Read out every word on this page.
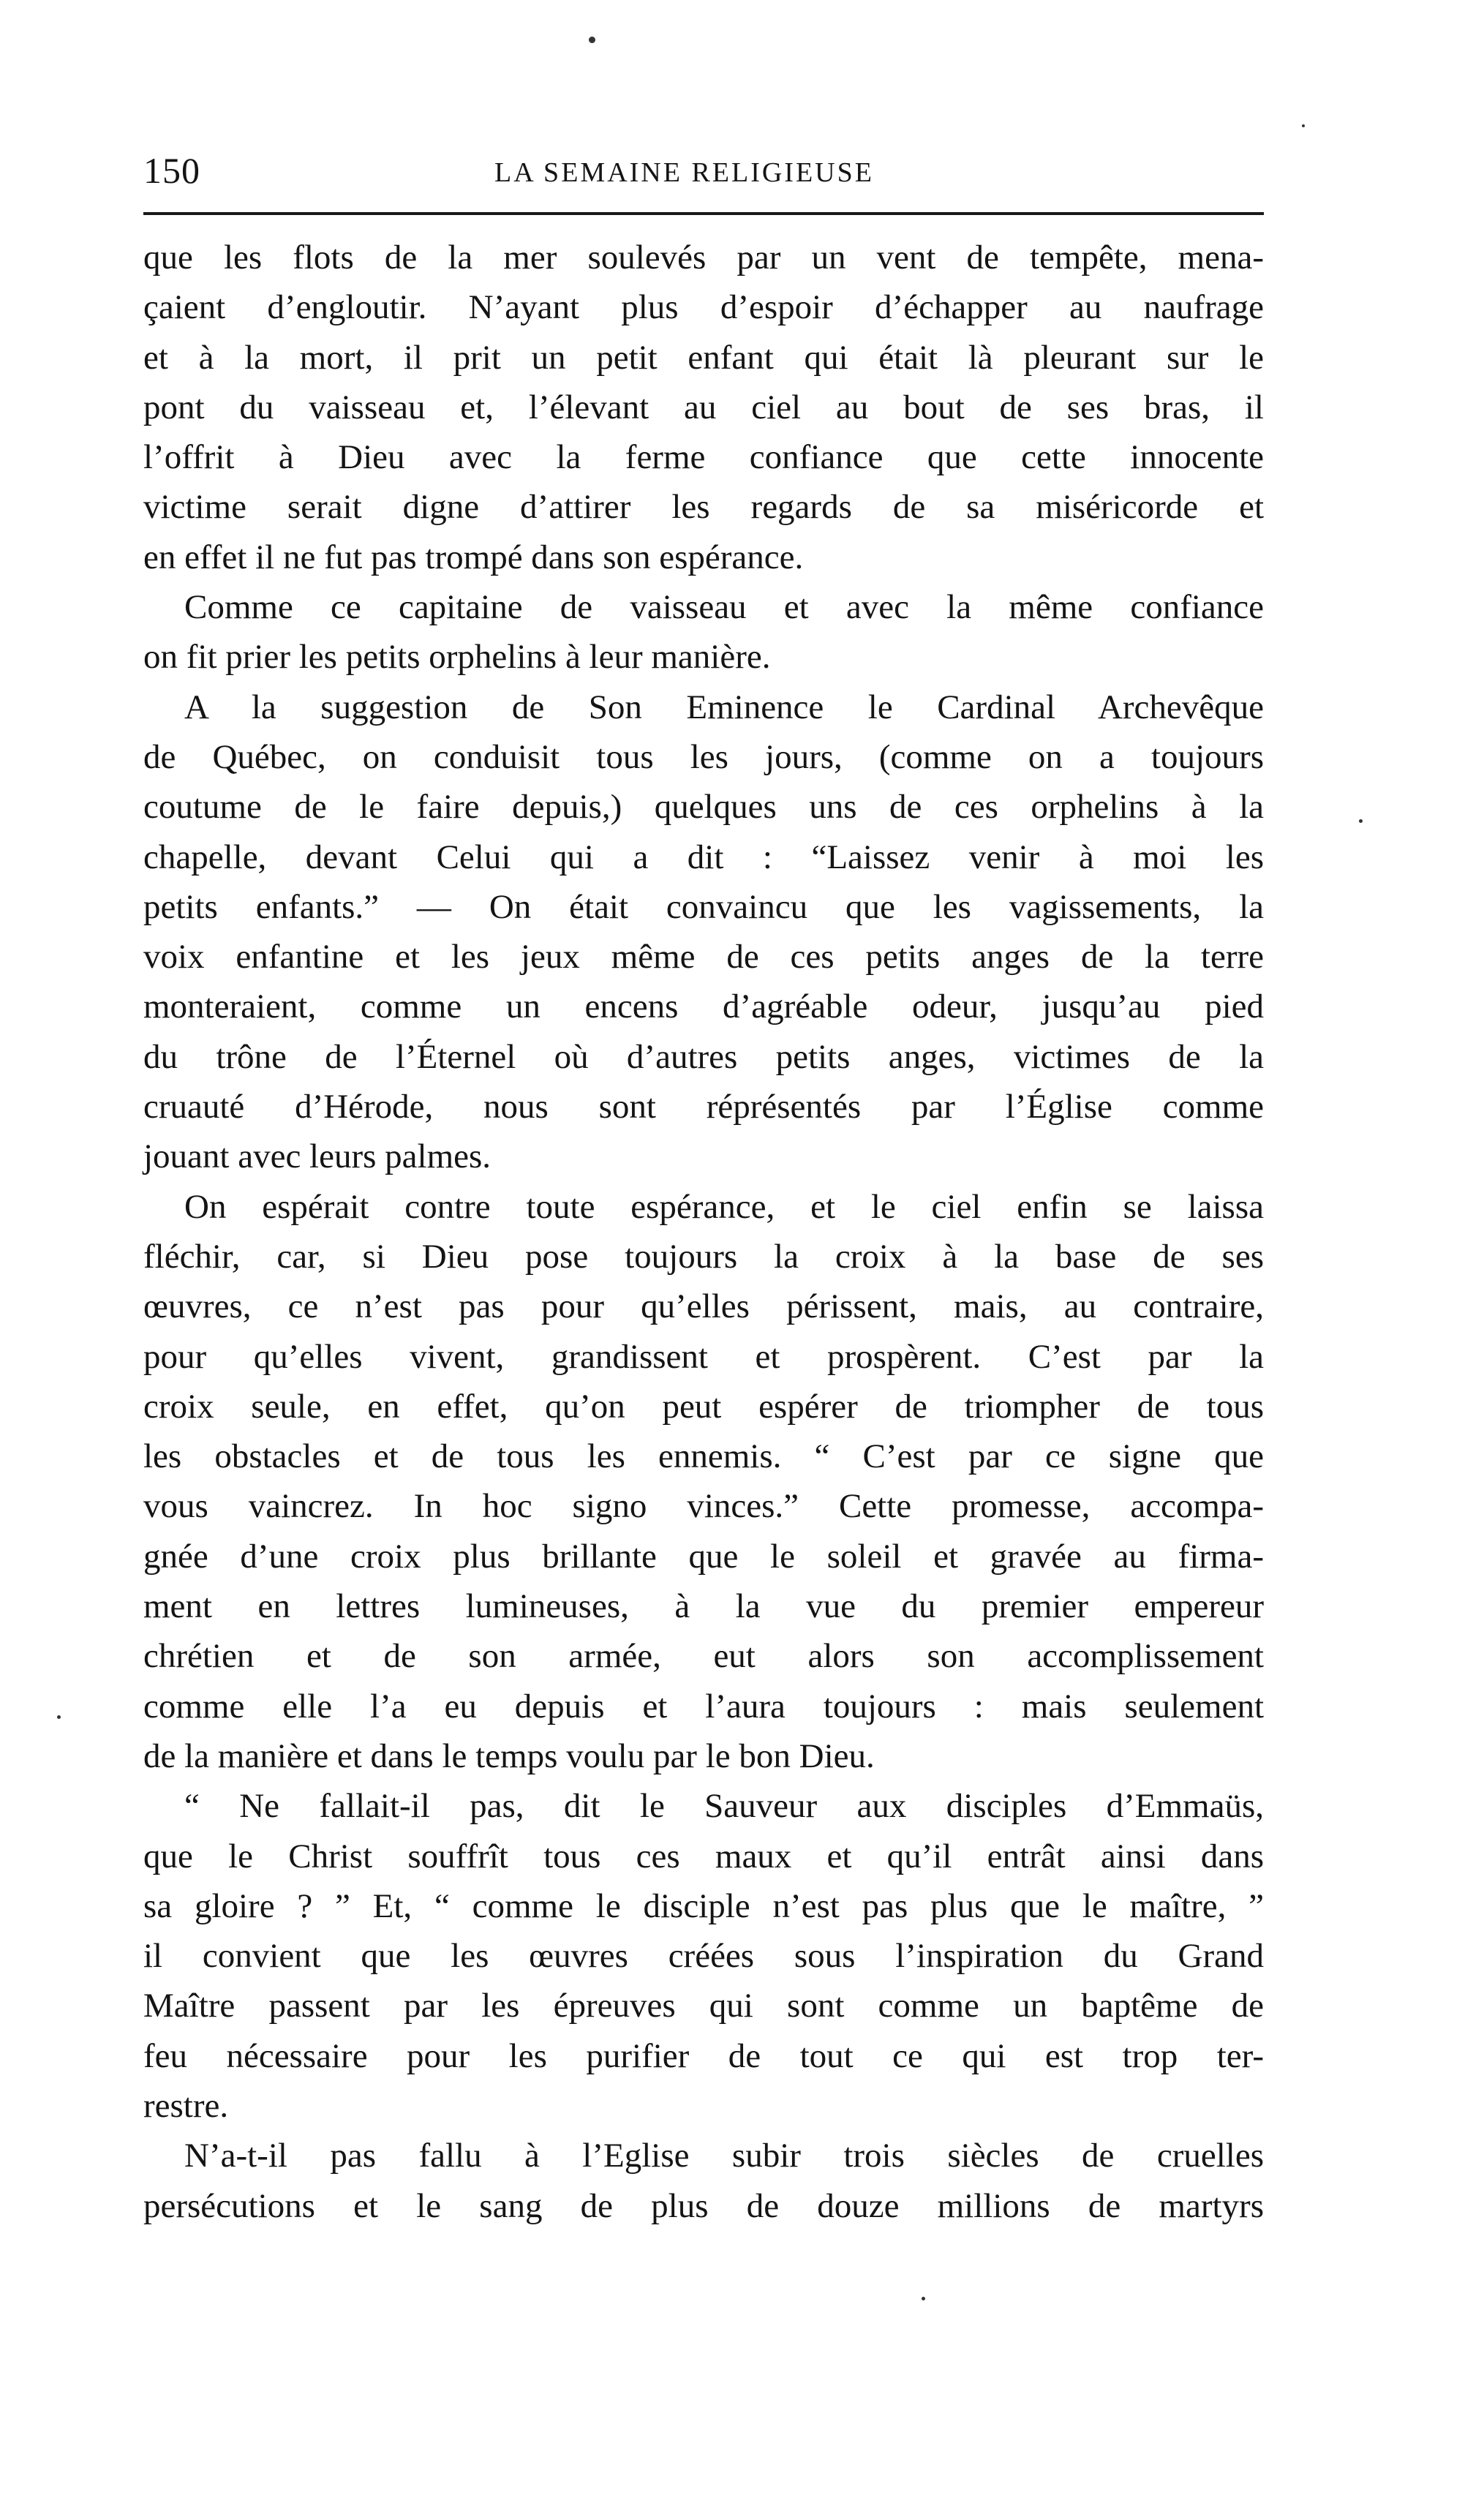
150	LA SEMAINE RELIGIEUSE
que les flots de la mer soulevés par un vent de tempête, mena-
çaient d’engloutir. N’ayant plus d’espoir d’échapper au naufrage
et à la mort, il prit un petit enfant qui était là pleurant sur le
pont du vaisseau et, l’élevant au ciel au bout de ses bras, il
l’offrit à Dieu avec la ferme confiance que cette innocente
victime serait digne d’attirer les regards de sa miséricorde et
en effet il ne fut pas trompé dans son espérance.
Comme ce capitaine de vaisseau et avec la même confiance
on fit prier les petits orphelins à leur manière.
A la suggestion de Son Eminence le Cardinal Archevêque
de Québec, on conduisit tous les jours, (comme on a toujours
coutume de le faire depuis,) quelques uns de ces orphelins à la
chapelle, devant Celui qui a dit : “Laissez venir à moi les
petits enfants.” — On était convaincu que les vagissements, la
voix enfantine et les jeux même de ces petits anges de la terre
monteraient, comme un encens d’agréable odeur, jusqu’au pied
du trône de l’Éternel où d’autres petits anges, victimes de la
cruauté d’Hérode, nous sont réprésentés par l’Église comme
jouant avec leurs palmes.
On espérait contre toute espérance, et le ciel enfin se laissa
fléchir, car, si Dieu pose toujours la croix à la base de ses
œuvres, ce n’est pas pour qu’elles périssent, mais, au contraire,
pour qu’elles vivent, grandissent et prospèrent. C’est par la
croix seule, en effet, qu’on peut espérer de triompher de tous
les obstacles et de tous les ennemis. “ C’est par ce signe que
vous vaincrez. In hoc signo vinces.” Cette promesse, accompa-
gnée d’une croix plus brillante que le soleil et gravée au firma-
ment en lettres lumineuses, à la vue du premier empereur
chrétien et de son armée, eut alors son accomplissement
comme elle l’a eu depuis et l’aura toujours : mais seulement
de la manière et dans le temps voulu par le bon Dieu.
“ Ne fallait-il pas, dit le Sauveur aux disciples d’Emmaüs,
que le Christ souffrît tous ces maux et qu’il entrât ainsi dans
sa gloire ? ” Et, “ comme le disciple n’est pas plus que le maître, ”
il convient que les œuvres créées sous l’inspiration du Grand
Maître passent par les épreuves qui sont comme un baptême de
feu nécessaire pour les purifier de tout ce qui est trop ter-
restre.
N’a-t-il pas fallu à l’Eglise subir trois siècles de cruelles
persécutions et le sang de plus de douze millions de martyrs
